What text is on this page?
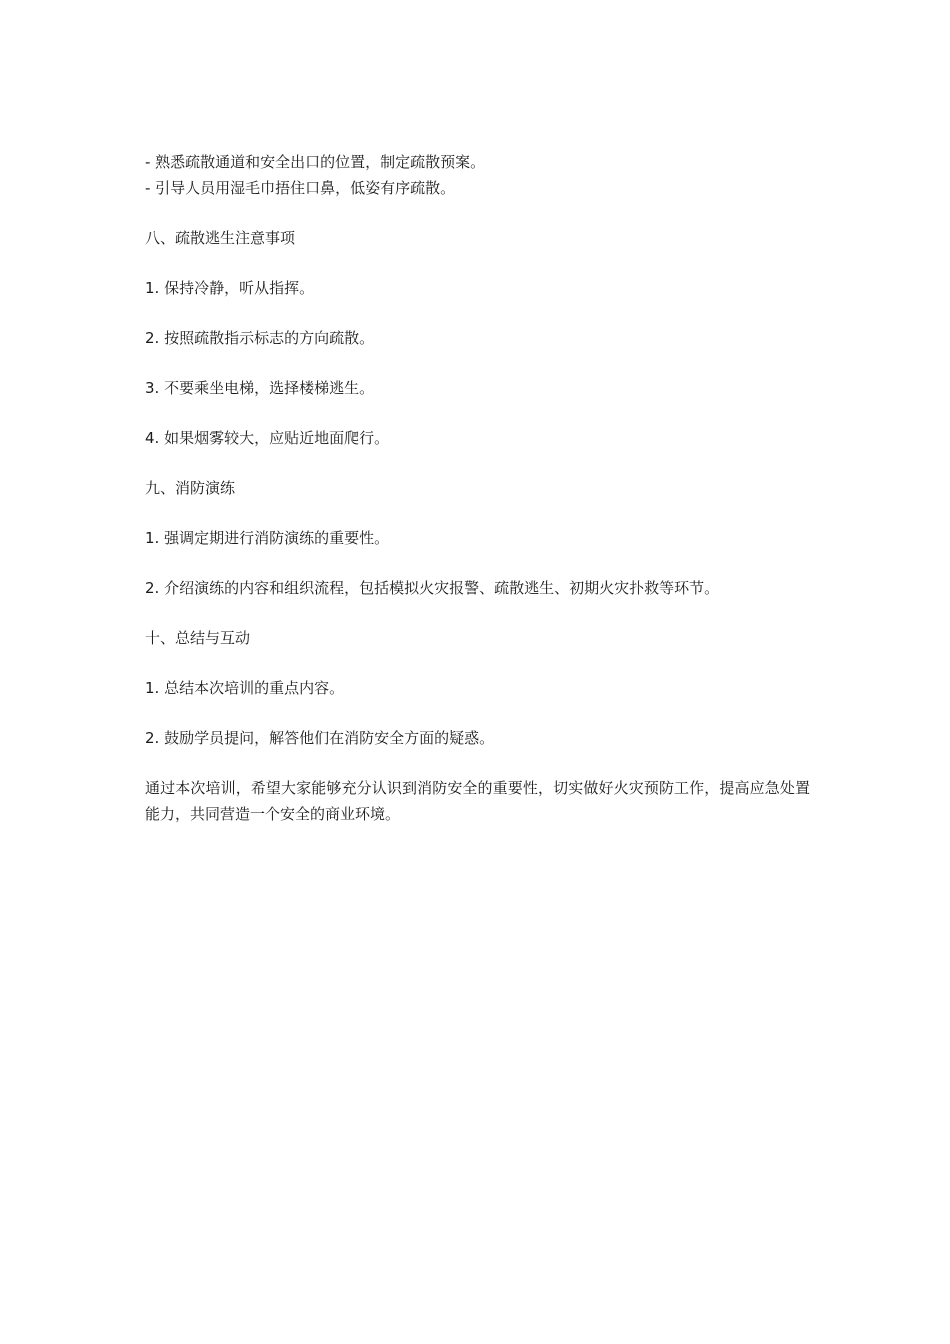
- 熟悉疏散通道和安全出口的位置，制定疏散预案。

- 引导人员用湿毛巾捂住口鼻，低姿有序疏散。

八、疏散逃生注意事项

1. 保持冷静，听从指挥。

2. 按照疏散指示标志的方向疏散。

3. 不要乘坐电梯，选择楼梯逃生。

4. 如果烟雾较大，应贴近地面爬行。

九、消防演练

1. 强调定期进行消防演练的重要性。

2. 介绍演练的内容和组织流程，包括模拟火灾报警、疏散逃生、初期火灾扑救等环节。

十、总结与互动

1. 总结本次培训的重点内容。

2. 鼓励学员提问，解答他们在消防安全方面的疑惑。

通过本次培训，希望大家能够充分认识到消防安全的重要性，切实做好火灾预防工作，提高应急处置能力，共同营造一个安全的商业环境。
